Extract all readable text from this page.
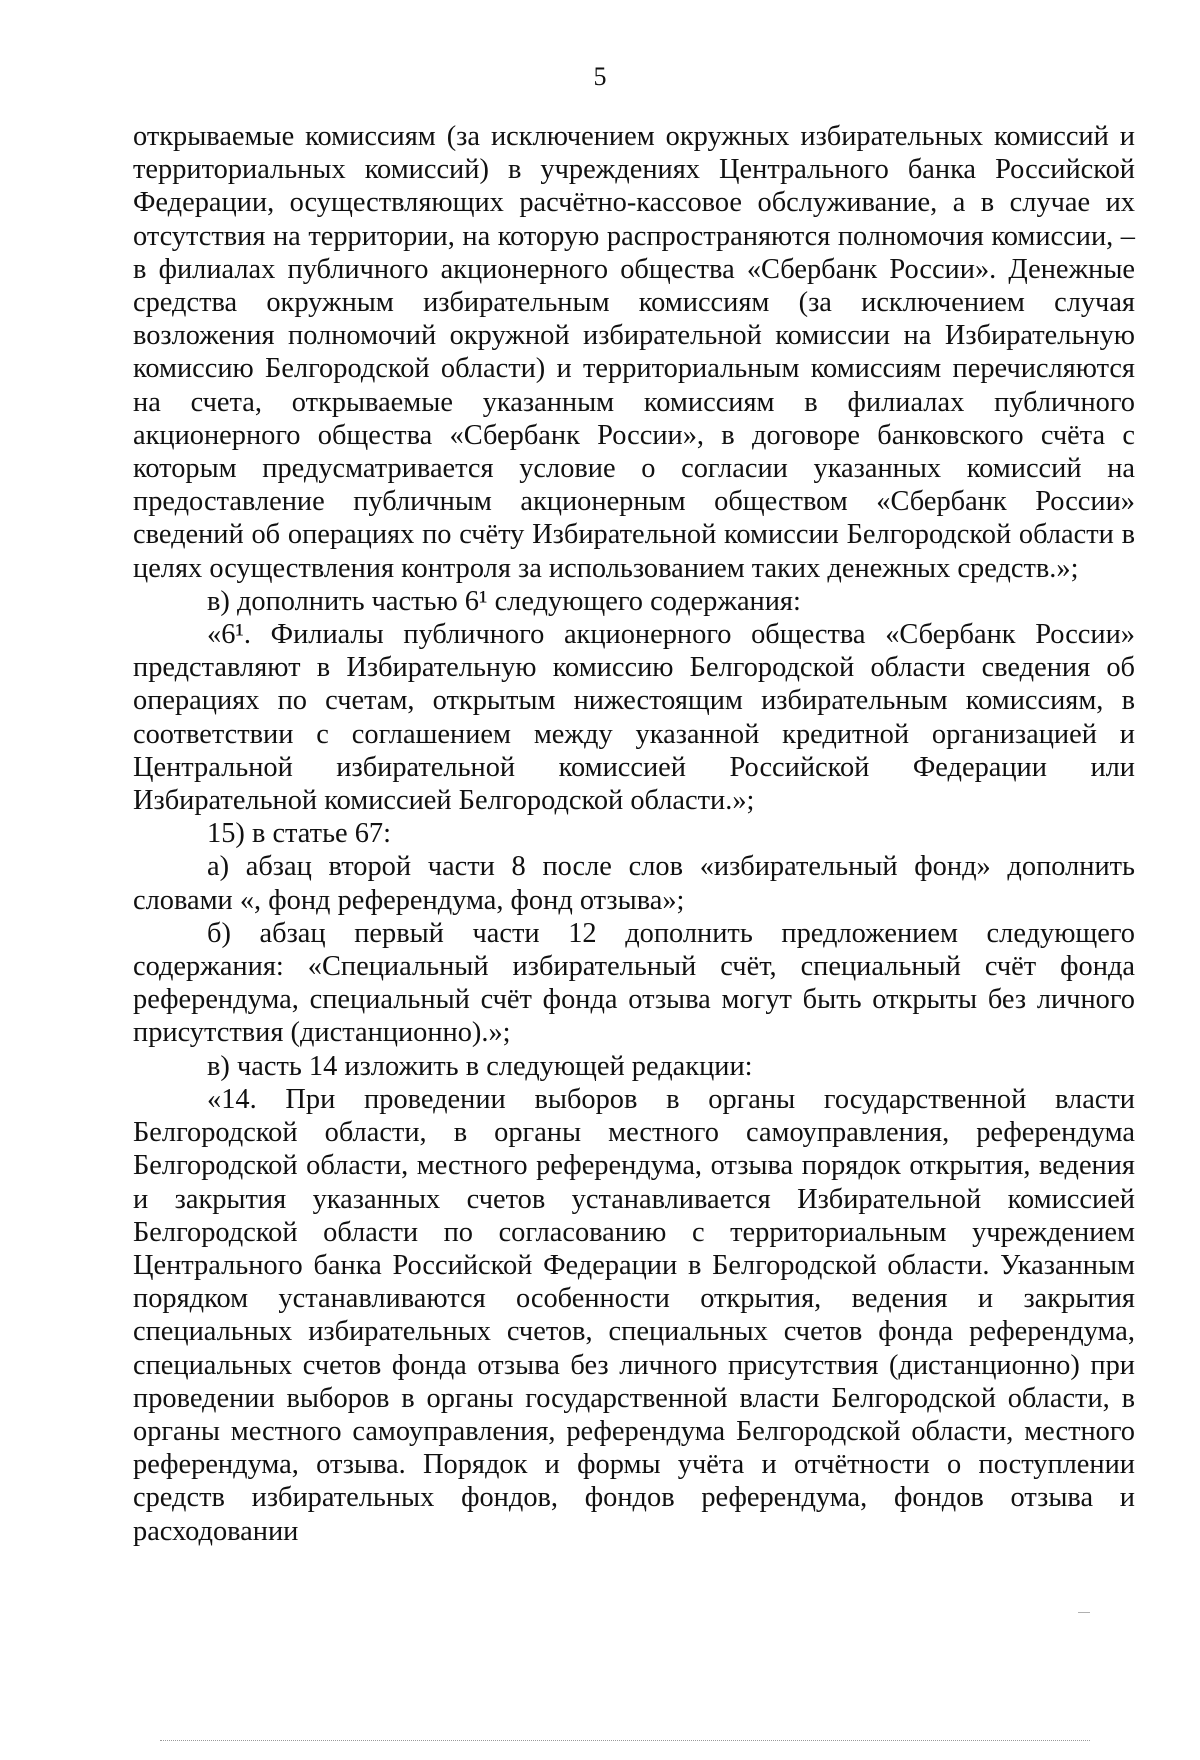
5

открываемые комиссиям (за исключением окружных избирательных комиссий и территориальных комиссий) в учреждениях Центрального банка Российской Федерации, осуществляющих расчётно-кассовое обслуживание, а в случае их отсутствия на территории, на которую распространяются полномочия комиссии, – в филиалах публичного акционерного общества «Сбербанк России». Денежные средства окружным избирательным комиссиям (за исключением случая возложения полномочий окружной избирательной комиссии на Избирательную комиссию Белгородской области) и территориальным комиссиям перечисляются на счета, открываемые указанным комиссиям в филиалах публичного акционерного общества «Сбербанк России», в договоре банковского счёта с которым предусматривается условие о согласии указанных комиссий на предоставление публичным акционерным обществом «Сбербанк России» сведений об операциях по счёту Избирательной комиссии Белгородской области в целях осуществления контроля за использованием таких денежных средств.»;

в) дополнить частью 6¹ следующего содержания:

«6¹. Филиалы публичного акционерного общества «Сбербанк России» представляют в Избирательную комиссию Белгородской области сведения об операциях по счетам, открытым нижестоящим избирательным комиссиям, в соответствии с соглашением между указанной кредитной организацией и Центральной избирательной комиссией Российской Федерации или Избирательной комиссией Белгородской области.»;

15) в статье 67:

а) абзац второй части 8 после слов «избирательный фонд» дополнить словами «, фонд референдума, фонд отзыва»;

б) абзац первый части 12 дополнить предложением следующего содержания: «Специальный избирательный счёт, специальный счёт фонда референдума, специальный счёт фонда отзыва могут быть открыты без личного присутствия (дистанционно).»;

в) часть 14 изложить в следующей редакции:

«14. При проведении выборов в органы государственной власти Белгородской области, в органы местного самоуправления, референдума Белгородской области, местного референдума, отзыва порядок открытия, ведения и закрытия указанных счетов устанавливается Избирательной комиссией Белгородской области по согласованию с территориальным учреждением Центрального банка Российской Федерации в Белгородской области. Указанным порядком устанавливаются особенности открытия, ведения и закрытия специальных избирательных счетов, специальных счетов фонда референдума, специальных счетов фонда отзыва без личного присутствия (дистанционно) при проведении выборов в органы государственной власти Белгородской области, в органы местного самоуправления, референдума Белгородской области, местного референдума, отзыва. Порядок и формы учёта и отчётности о поступлении средств избирательных фондов, фондов референдума, фондов отзыва и расходовании
